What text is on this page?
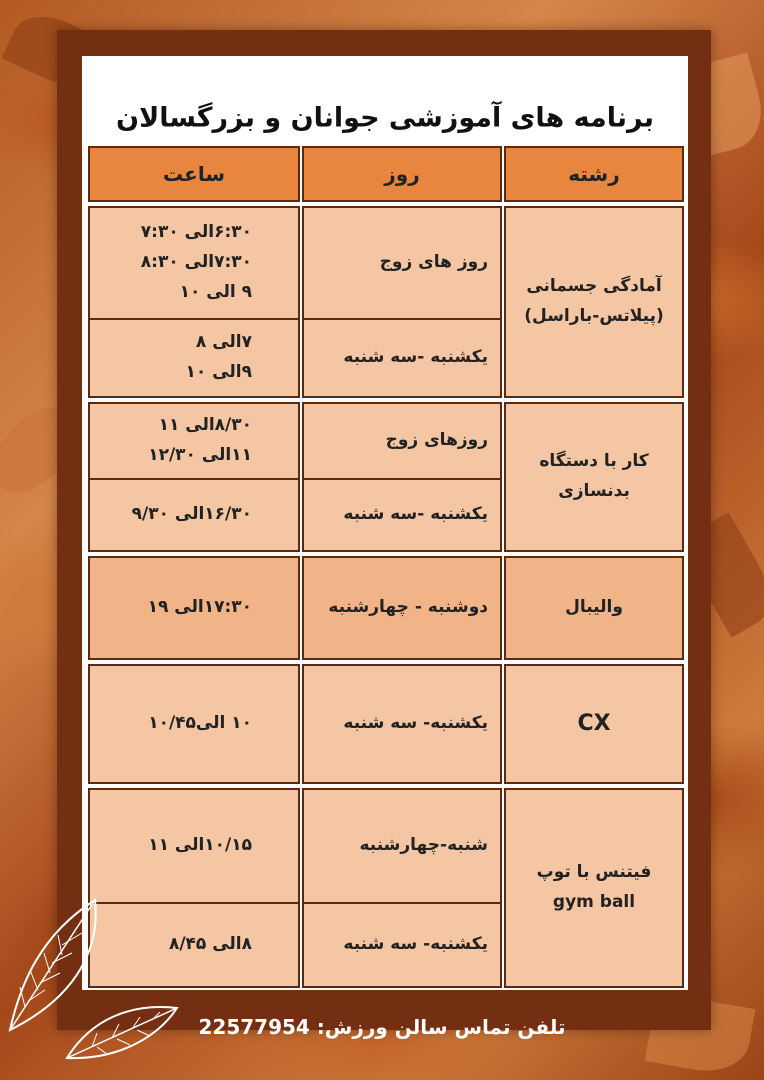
برنامه های آموزشی جوانان و بزرگسالان
رشته
روز
ساعت
آمادگی جسمانی
(پیلاتس-باراسل)
روز های زوج
۶:۳۰الی ۷:۳۰
۷:۳۰الی ۸:۳۰
۹ الی ۱۰
یکشنبه -سه شنبه
۷الی ۸
۹الی ۱۰
کار با دستگاه
بدنسازی
روزهای زوج
۸/۳۰الی ۱۱
۱۱الی ۱۲/۳۰
یکشنبه -سه شنبه
۱۶/۳۰الی ۹/۳۰
والیبال
دوشنبه - چهارشنبه
۱۷:۳۰الی ۱۹
CX
یکشنبه- سه شنبه
۱۰ الی۱۰/۴۵
فیتنس با توپ
gym ball
شنبه-چهارشنبه
۱۰/۱۵الی ۱۱
یکشنبه- سه شنبه
۸الی ۸/۴۵
تلفن تماس سالن ورزش: 22577954
